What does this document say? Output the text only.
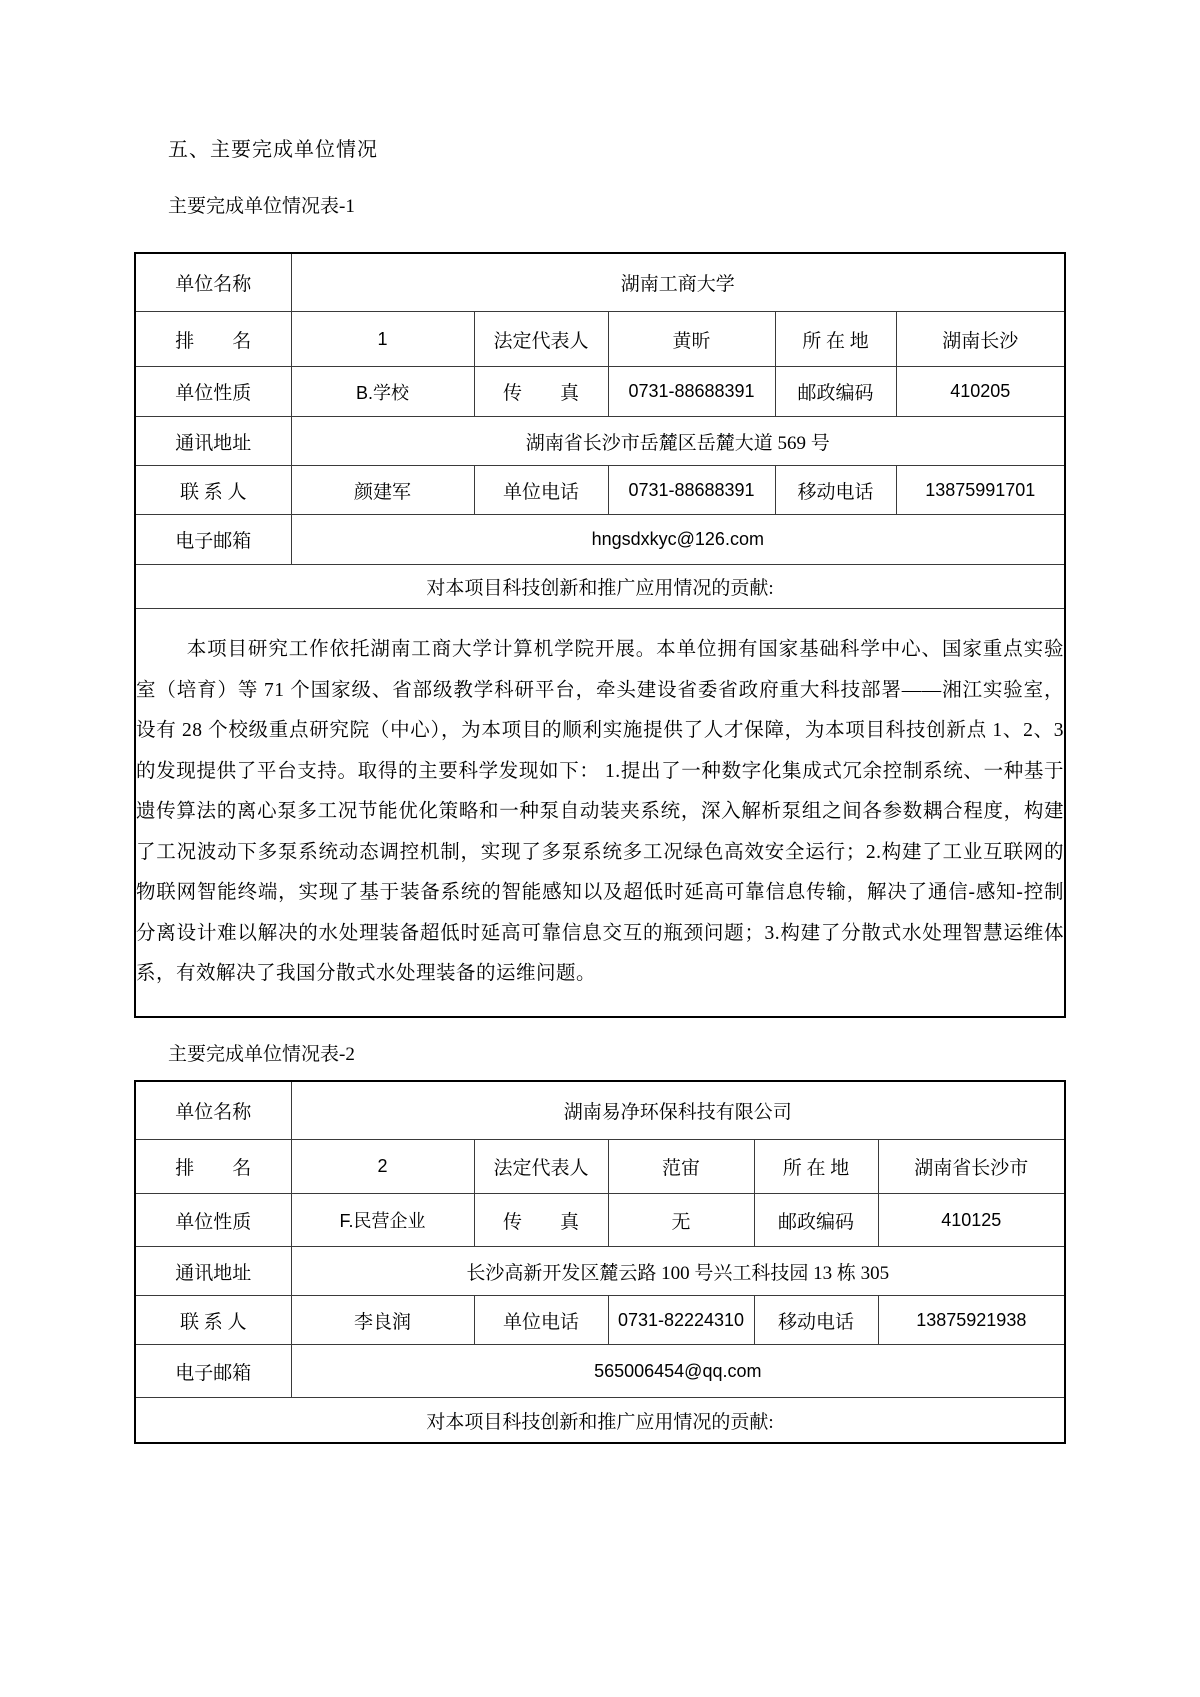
五、主要完成单位情况

主要完成单位情况表-1

单位名称	湖南工商大学				
排　　名	1	法定代表人	黄昕	所 在 地	湖南长沙
单位性质	B.学校	传　　真	0731-88688391	邮政编码	410205
通讯地址	湖南省长沙市岳麓区岳麓大道 569 号				
联 系 人	颜建军	单位电话	0731-88688391	移动电话	13875991701
电子邮箱	hngsdxkyc@126.com				
对本项目科技创新和推广应用情况的贡献:					

本项目研究工作依托湖南工商大学计算机学院开展。本单位拥有国家基础科学中心、国家重点实验室（培育）等 71 个国家级、省部级教学科研平台，牵头建设省委省政府重大科技部署——湘江实验室，设有 28 个校级重点研究院（中心），为本项目的顺利实施提供了人才保障，为本项目科技创新点 1、2、3 的发现提供了平台支持。取得的主要科学发现如下： 1.提出了一种数字化集成式冗余控制系统、一种基于遗传算法的离心泵多工况节能优化策略和一种泵自动装夹系统，深入解析泵组之间各参数耦合程度，构建了工况波动下多泵系统动态调控机制，实现了多泵系统多工况绿色高效安全运行；2.构建了工业互联网的物联网智能终端，实现了基于装备系统的智能感知以及超低时延高可靠信息传输，解决了通信-感知-控制分离设计难以解决的水处理装备超低时延高可靠信息交互的瓶颈问题；3.构建了分散式水处理智慧运维体系，有效解决了我国分散式水处理装备的运维问题。					

主要完成单位情况表-2

单位名称	湖南易净环保科技有限公司				
排　　名	2	法定代表人	范宙	所 在 地	湖南省长沙市
单位性质	F.民营企业	传　　真	无	邮政编码	410125
通讯地址	长沙高新开发区麓云路 100 号兴工科技园 13 栋 305				
联 系 人	李良润	单位电话	0731-82224310	移动电话	13875921938
电子邮箱	565006454@qq.com				
对本项目科技创新和推广应用情况的贡献:					
